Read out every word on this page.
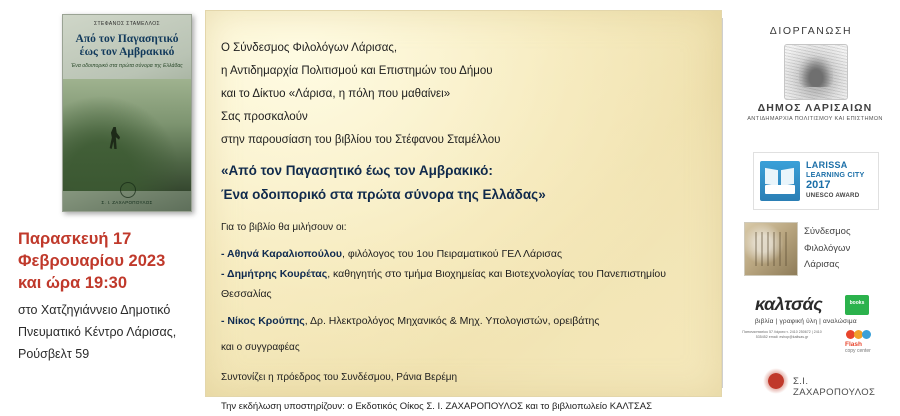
ΣΤΕΦΑΝΟΣ ΣΤΑΜΕΛΛΟΣ
Από τον Παγασητικό
έως τον Αμβρακικό
Ένα οδοιπορικό στα πρώτα σύνορα της Ελλάδας
Σ. Ι. ΖΑΧΑΡΟΠΟΥΛΟΣ
Παρασκευή 17
Φεβρουαρίου 2023
και ώρα 19:30
στο Χατζηγιάννειο Δημοτικό
Πνευματικό Κέντρο Λάρισας,
Ρούσβελτ 59
Ο Σύνδεσμος Φιλολόγων Λάρισας,
η Αντιδημαρχία Πολιτισμού και Επιστημών του Δήμου
και το Δίκτυο «Λάρισα, η πόλη που μαθαίνει»
Σας προσκαλούν
στην παρουσίαση του βιβλίου του Στέφανου Σταμέλλου
«Από τον Παγασητικό έως τον Αμβρακικό:
Ένα οδοιπορικό στα πρώτα σύνορα της Ελλάδας»
Για το βιβλίο θα μιλήσουν οι:
- Αθηνά Καραλιοπούλου, φιλόλογος του 1ου Πειραματικού ΓΕΛ Λάρισας
- Δημήτρης Κουρέτας, καθηγητής στο τμήμα Βιοχημείας και Βιοτεχνολογίας του Πανεπιστημίου
Θεσσαλίας
- Νίκος Κρούπης, Δρ. Ηλεκτρολόγος Μηχανικός & Μηχ. Υπολογιστών, ορειβάτης
και ο συγγραφέας
Συντονίζει η πρόεδρος του Συνδέσμου, Ράνια Βερέμη
Την εκδήλωση υποστηρίζουν: ο Εκδοτικός Οίκος Σ. Ι. ΖΑΧΑΡΟΠΟΥΛΟΣ και το βιβλιοπωλείο ΚΑΛΤΣΑΣ
ΔΙΟΡΓΑΝΩΣΗ
ΔΗΜΟΣ ΛΑΡΙΣΑΙΩΝ
ΑΝΤΙΔΗΜΑΡΧΙΑ ΠΟΛΙΤΙΣΜΟΥ ΚΑΙ ΕΠΙΣΤΗΜΩΝ
LARISSA
LEARNING CITY
2017
UNESCO AWARD
Σύνδεσμος
Φιλολόγων
Λάρισας
καλτσάς	books
βιβλία | γραφική ύλη | αναλώσιμα
Παπαναστασίου 57 Λάρισα τ. 2410 250672 | 2410 535452 email: eshop@kaltsas.gr
Flash
copy center
Σ.Ι. ΖΑΧΑΡΟΠΟΥΛΟΣ
